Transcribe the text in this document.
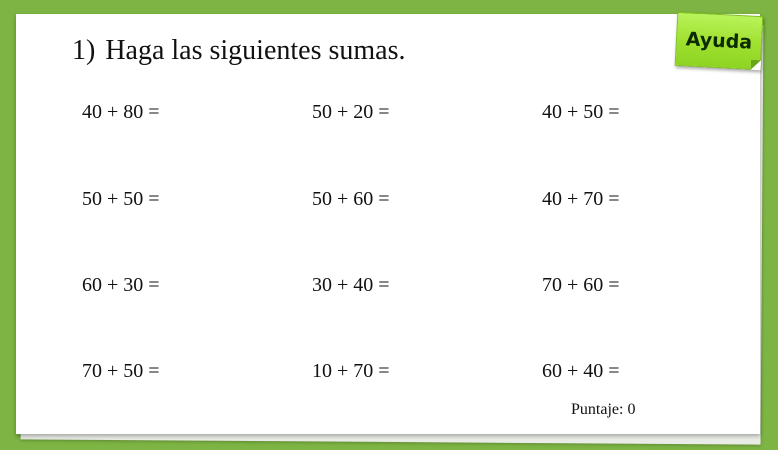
1) Haga las siguientes sumas.
40 + 80 =	50 + 20 =	40 + 50 =
50 + 50 =	50 + 60 =	40 + 70 =
60 + 30 =	30 + 40 =	70 + 60 =
70 + 50 =	10 + 70 =	60 + 40 =
Puntaje: 0
Ayuda
